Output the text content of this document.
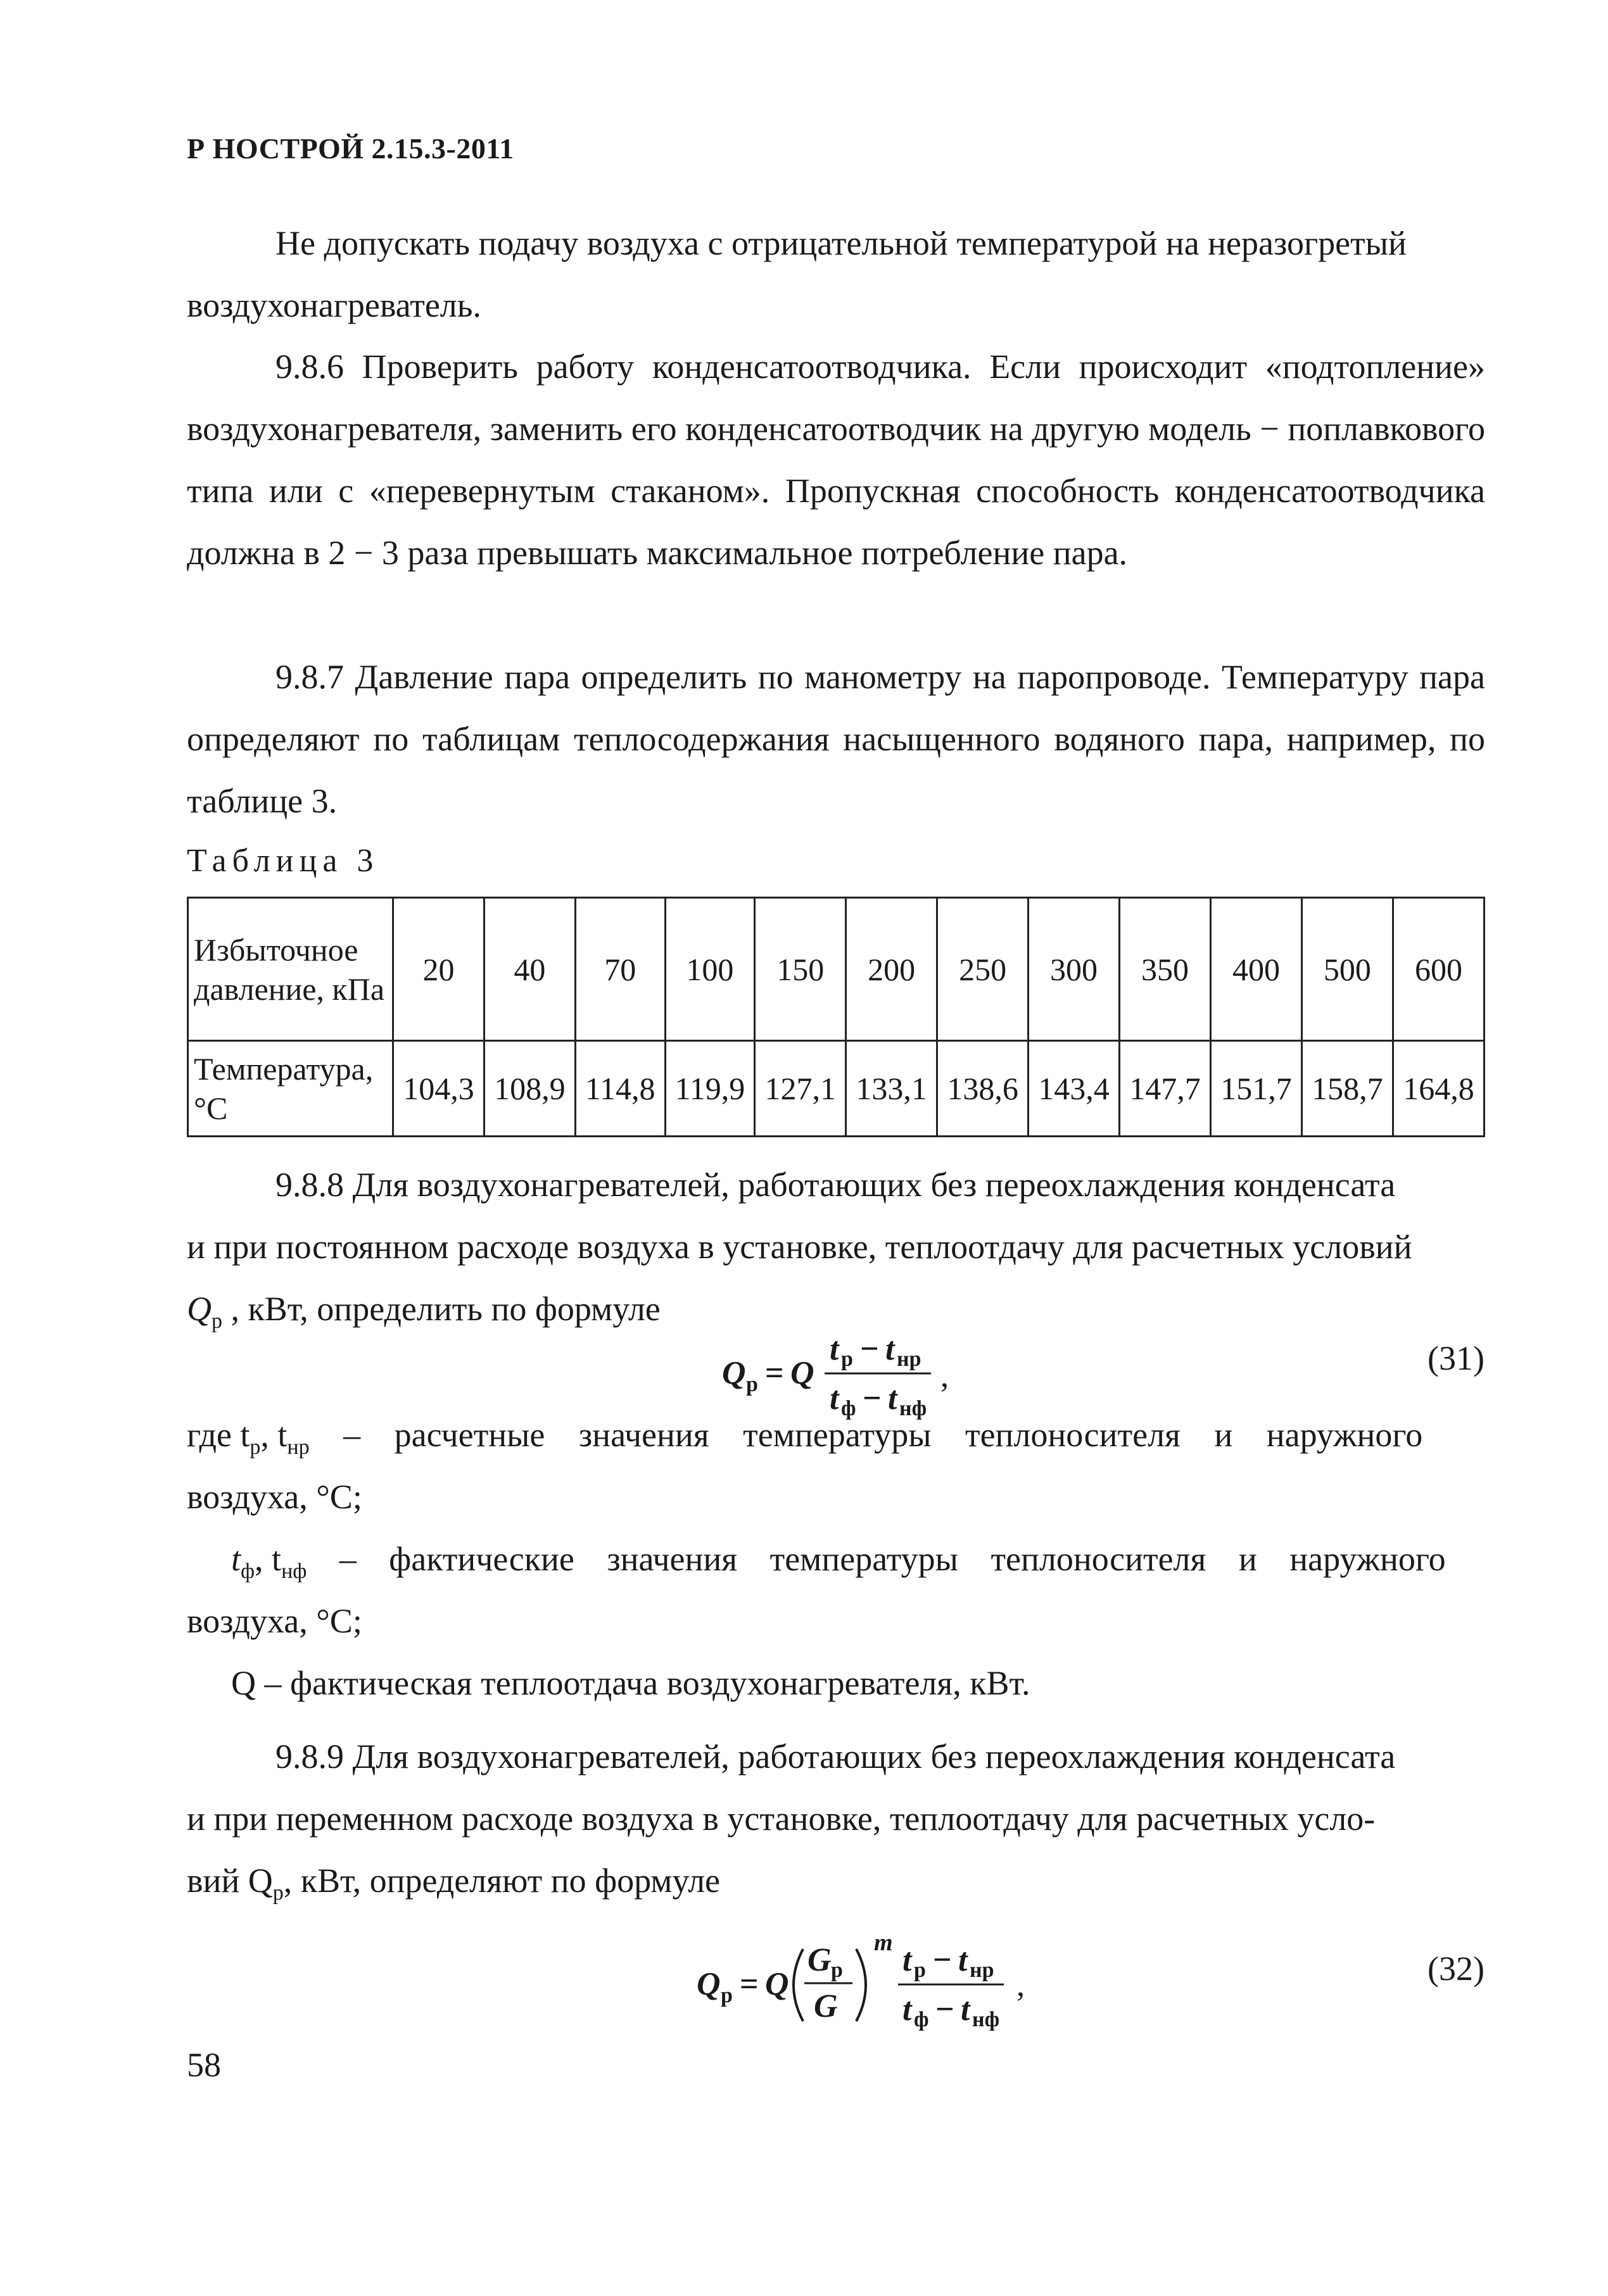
Р НОСТРОЙ 2.15.3-2011

Не допускать подачу воздуха с отрицательной температурой на неразогретый

воздухонагреватель.

9.8.6 Проверить работу конденсатоотводчика. Если происходит «подтопление» воздухонагревателя, заменить его конденсатоотводчик на другую модель − поплавкового типа или с «перевернутым стаканом». Пропускная способность конденсатоотводчика должна в 2 − 3 раза превышать максимальное потребление пара.

9.8.7 Давление пара определить по манометру на паропроводе. Температуру пара определяют по таблицам теплосодержания насыщенного водяного пара, например, по таблице 3.

Таблица 3
Избыточное давление, кПа	20	40	70	100	150	200	250	300	350	400	500	600
Температура, °С	104,3	108,9	114,8	119,9	127,1	133,1	138,6	143,4	147,7	151,7	158,7	164,8

9.8.8 Для воздухонагревателей, работающих без переохлаждения конденсата

и при постоянном расходе воздуха в установке, теплоотдачу для расчетных условий

$Q_р$ , кВт, определить по формуле

Q р = Q
t р − t нр
t ф − t нф
,	(31)
где $t_р$, $t_{нр}$ – расчетные значения температуры теплоносителя и наружного
воздуха, °С;
$t_ф$, $t_{нф}$ – фактические значения температуры теплоносителя и наружного
воздуха, °С;
Q – фактическая теплоотдача воздухонагревателя, кВт.

9.8.9 Для воздухонагревателей, работающих без переохлаждения конденсата

и при переменном расходе воздуха в установке, теплоотдачу для расчетных усло-

вий $Q_р$, кВт, определяют по формуле

Q р = Q
G р
G
m t р − t нр
t ф − t нф
,	(32)
58
